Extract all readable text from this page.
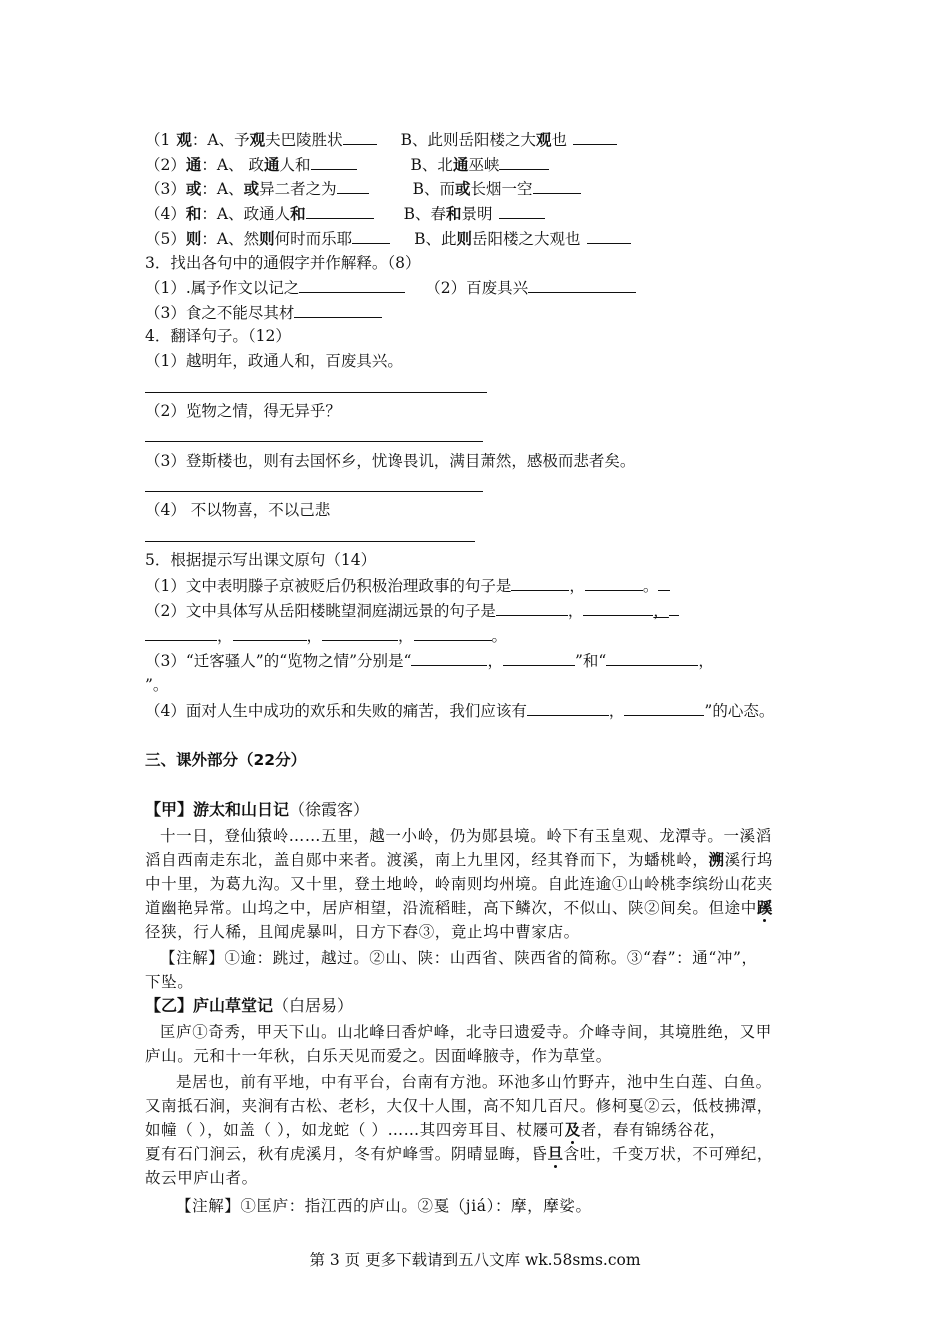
（1 观：A、予观夫巴陵胜状	B、此则岳阳楼之大观也
（2）通：A、 政通人和	B、北通巫峡
（3）或：A、或异二者之为	B、而或长烟一空
（4）和：A、政通人和	B、春和景明
（5）则：A、然则何时而乐耶	B、此则岳阳楼之大观也
3．找出各句中的通假字并作解释。（8）
（1）.属予作文以记之	（2）百废具兴
（3）食之不能尽其材
4．翻译句子。（12）
（1）越明年，政通人和，百废具兴。
（2）览物之情，得无异乎？
（3）登斯楼也，则有去国怀乡，忧谗畏讥，满目萧然，感极而悲者矣。
（4） 不以物喜，不以己悲
5．根据提示写出课文原句（14）
（1）文中表明滕子京被贬后仍积极治理政事的句子是	，	。
（2）文中具体写从岳阳楼眺望洞庭湖远景的句子是	，	，
，	，	，	。
（3）“迁客骚人”的“览物之情”分别是“	，	”和“	，
”。
（4）面对人生中成功的欢乐和失败的痛苦，我们应该有	，	”的心态。
三、课外部分（22分）
【甲】游太和山日记（徐霞客）
十一日，登仙猿岭……五里，越一小岭，仍为郧县境。岭下有玉皇观、龙潭寺。一溪滔
滔自西南走东北，盖自郧中来者。渡溪，南上九里冈，经其脊而下，为蟠桃岭，溯溪行坞
中十里，为葛九沟。又十里，登土地岭，岭南则均州境。自此连逾①山岭桃李缤纷山花夹
道幽艳异常。山坞之中，居庐相望，沿流稻畦，高下鳞次，不似山、陕②间矣。但途中蹊
径狭，行人稀，且闻虎暴叫，日方下舂③，竟止坞中曹家店。
【注解】①逾：跳过，越过。②山、陕：山西省、陕西省的简称。③“舂”：通“冲”，
下坠。
【乙】庐山草堂记（白居易）
匡庐①奇秀，甲天下山。山北峰曰香炉峰，北寺曰遗爱寺。介峰寺间，其境胜绝，又甲
庐山。元和十一年秋，白乐天见而爱之。因面峰腋寺，作为草堂。
是居也，前有平地，中有平台，台南有方池。环池多山竹野卉，池中生白莲、白鱼。
又南抵石涧，夹涧有古松、老杉，大仅十人围，高不知几百尺。修柯戛②云，低枝拂潭，
如幢（ ），如盖（ ），如龙蛇（ ）……其四旁耳目、杖屦可及者，春有锦绣谷花，
夏有石门涧云，秋有虎溪月，冬有炉峰雪。阴晴显晦，昏旦含吐，千变万状，不可殚纪，
故云甲庐山者。
【注解】①匡庐：指江西的庐山。②戛（jiá）：摩，摩娑。
第 3 页 更多下载请到五八文库 wk.58sms.com
